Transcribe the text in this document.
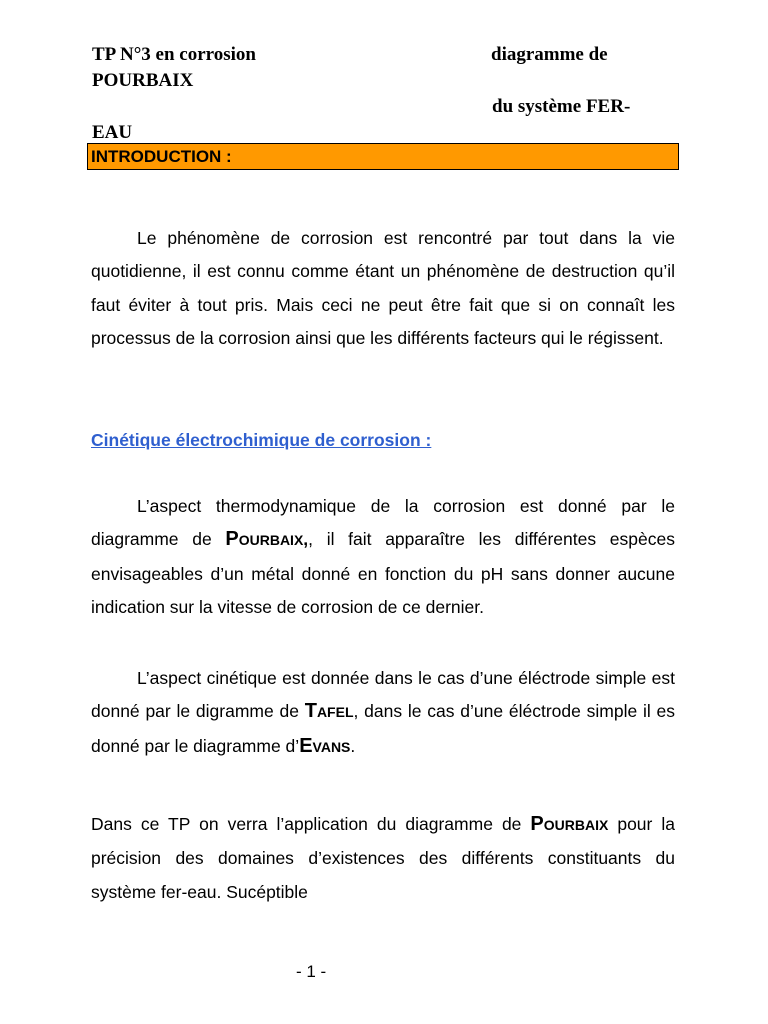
TP N°3 en corrosion	diagramme de
POURBAIX
du système FER-
EAU
INTRODUCTION :
Le phénomène de corrosion est rencontré par tout dans la vie quotidienne, il est connu comme étant un phénomène de destruction qu’il faut éviter à tout pris. Mais ceci ne peut être fait que si on connaît les processus de la corrosion ainsi que les différents facteurs qui le régissent.
Cinétique électrochimique de corrosion :
L’aspect thermodynamique de la corrosion est donné par le diagramme de POURBAIX,, il fait apparaître les différentes espèces envisageables d’un métal donné en fonction du pH sans donner aucune indication sur la vitesse de corrosion de ce dernier.
L’aspect cinétique est donnée dans le cas d’une éléctrode simple est donné par le digramme de TAFEL, dans le cas d’une éléctrode simple il es donné par le diagramme d’EVANS.
Dans ce TP on verra l’application du diagramme de POURBAIX pour la précision des domaines d’existences des différents constituants du système fer-eau. Sucéptible
- 1 -
